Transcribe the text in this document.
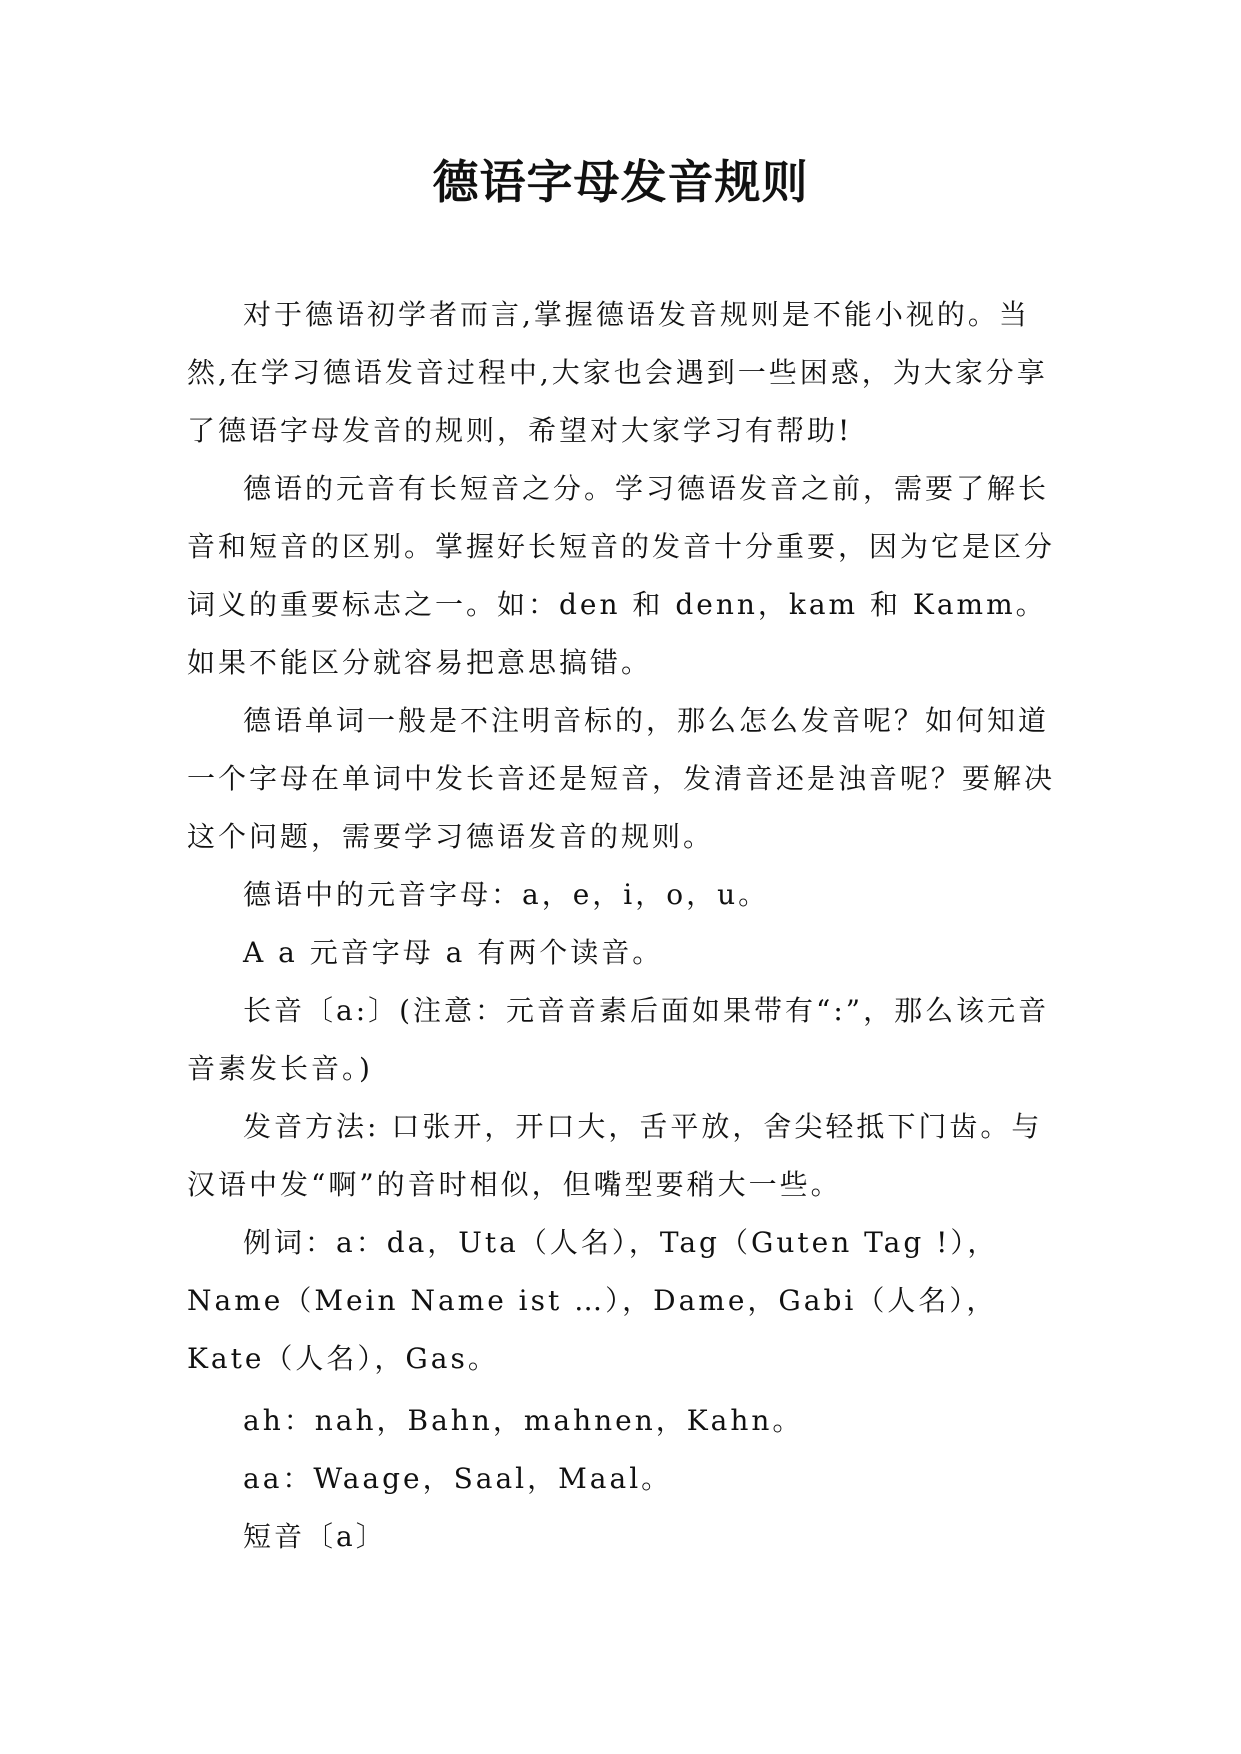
德语字母发音规则

对于德语初学者而言,掌握德语发音规则是不能小视的。当然,在学习德语发音过程中,大家也会遇到一些困惑，为大家分享了德语字母发音的规则，希望对大家学习有帮助!

德语的元音有长短音之分。学习德语发音之前，需要了解长音和短音的区别。掌握好长短音的发音十分重要，因为它是区分词义的重要标志之一。如：den 和 denn，kam 和 Kamm。如果不能区分就容易把意思搞错。

德语单词一般是不注明音标的，那么怎么发音呢？如何知道一个字母在单词中发长音还是短音，发清音还是浊音呢？要解决这个问题，需要学习德语发音的规则。

德语中的元音字母：a，e，i，o，u。

A a 元音字母 a 有两个读音。

长音〔a:〕(注意：元音音素后面如果带有“:”，那么该元音音素发长音。)

发音方法: 口张开，开口大，舌平放，舍尖轻抵下门齿。与汉语中发“啊”的音时相似，但嘴型要稍大一些。

例词：a：da，Uta（人名），Tag（Guten Tag !），Name（Mein Name ist …），Dame，Gabi（人名），Kate（人名），Gas。

ah：nah，Bahn，mahnen，Kahn。

aa：Waage，Saal，Maal。

短音〔a〕
